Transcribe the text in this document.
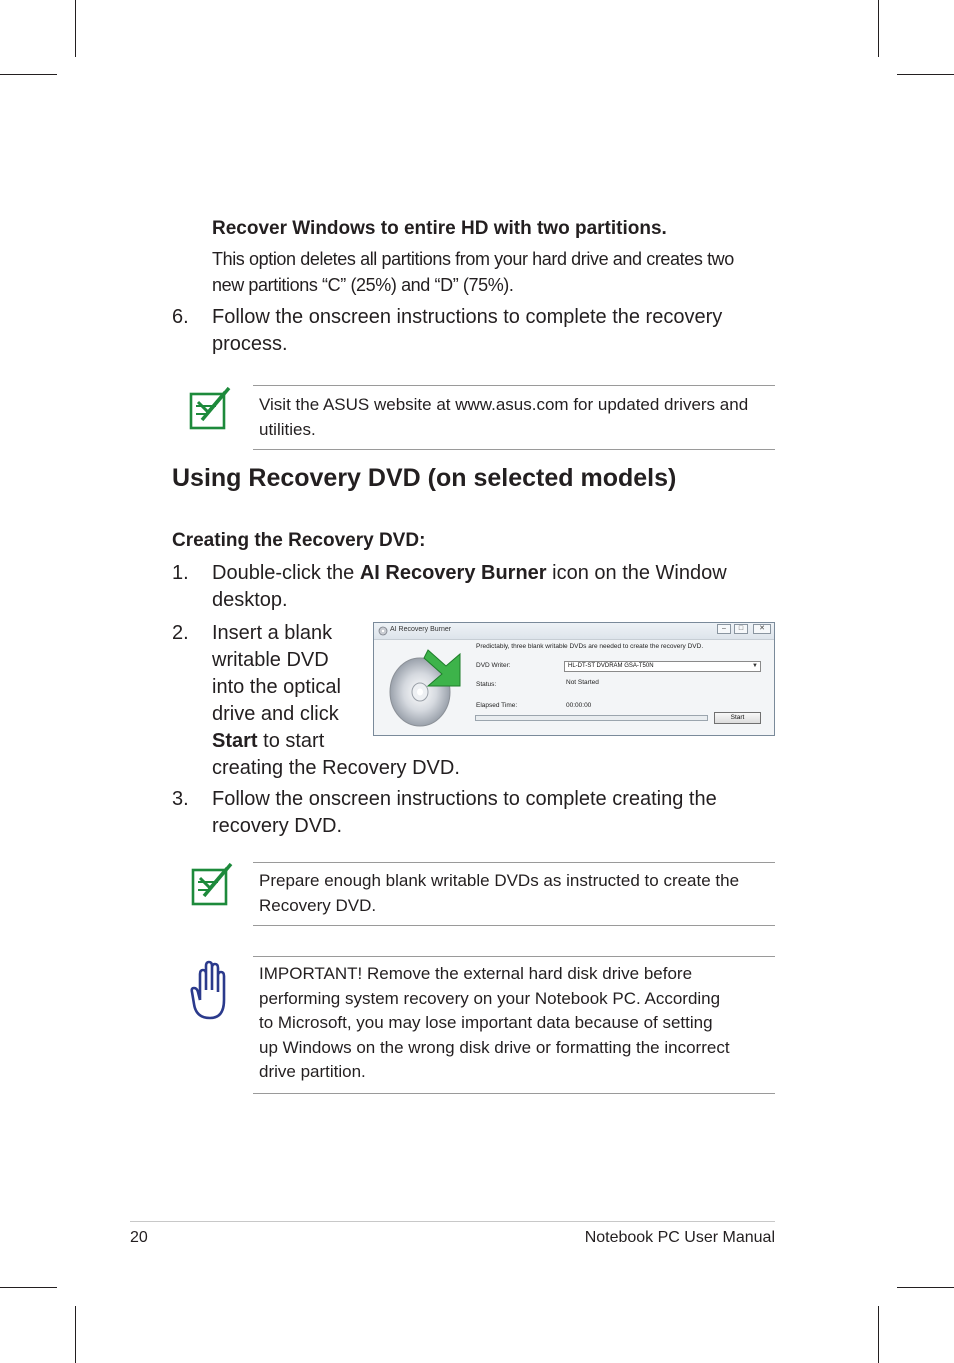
Recover Windows to entire HD with two partitions.
This option deletes all partitions from your hard drive and creates two
new partitions “C” (25%) and “D” (75%).
6. Follow the onscreen instructions to complete the recovery
process.
Visit the ASUS website at www.asus.com for updated drivers and
utilities.
Using Recovery DVD (on selected models)
Creating the Recovery DVD:
1. Double-click the AI Recovery Burner icon on the Window
desktop.
2. Insert a blank
writable DVD
into the optical
drive and click
Start to start
creating the Recovery DVD.
AI Recovery Burner	–	□	✕
Predictably, three blank writable DVDs are needed to create the recovery DVD.
DVD Writer:	HL-DT-ST DVDRAM GSA-T50N	▼
Status:	Not Started
Elapsed Time:	00:00:00
Start
3. Follow the onscreen instructions to complete creating the
recovery DVD.
Prepare enough blank writable DVDs as instructed to create the
Recovery DVD.
IMPORTANT! Remove the external hard disk drive before
performing system recovery on your Notebook PC. According
to Microsoft, you may lose important data because of setting
up Windows on the wrong disk drive or formatting the incorrect
drive partition.
20	Notebook PC User Manual
